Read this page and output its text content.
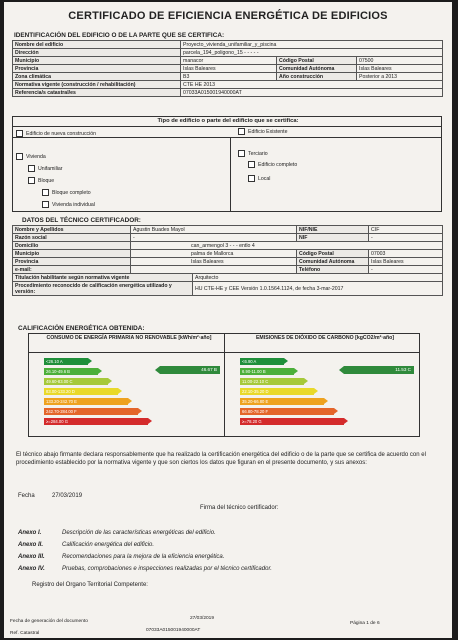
CERTIFICADO DE EFICIENCIA ENERGÉTICA DE EDIFICIOS
IDENTIFICACIÓN DEL EDIFICIO O DE LA PARTE QUE SE CERTIFICA:
Nombre del edificio	Proyecto_vivienda_unifamiliar_y_piscina		
Dirección	parcela_194_poligono_15 - - - - -		
Municipio	manacor	Código Postal	07500
Provincia	Islas Baleares	Comunidad Autónoma	Islas Baleares
Zona climática	B3	Año construcción	Posterior a 2013
Normativa vigente (construcción / rehabilitación)	CTE HE 2013		
Referencia/s catastral/es	07033A015001940000AT		
Tipo de edificio o parte del edificio que se certifica:
Edificio de nueva construcción	Edificio Existente
Vivienda
Unifamiliar
Bloque
Bloque completo
Vivienda individual
Terciario
Edificio completo
Local
DATOS DEL TÉCNICO CERTIFICADOR:
Nombre y Apellidos	Agustin Buades Mayol		NIF/NIE	CIF
Razón social	-		NIF	-
Domicilio	can_armengol 3 - - - entlo 4			
Municipio	palma de Mallorca		Código Postal	07003
Provincia	Islas Baleares		Comunidad Autónoma	Islas Baleares
e-mail:			Teléfono	-
Titulación habilitante según normativa vigente		Arquitecto		
Procedimiento reconocido de calificación energética utilizado y versión:		HU CTE-HE y CEE Versión 1.0.1564.1124, de fecha 3-mar-2017		
CALIFICACIÓN ENERGÉTICA OBTENIDA:
CONSUMO DE ENERGÍA PRIMARIA NO RENOVABLE [kWh/m²·año]	EMISIONES DE DIÓXIDO DE CARBONO [kgCO2/m²·año]
<26.10 A
26.10-49.6 B
49.60-83.00 C
83.00-133.20 D
133.20-242.70 E
242.70-284.00 F
≥=284.00 G
<6.90 A
6.90-11.00 B
11.00-22.10 C
22.10-35.20 D
35.20-66.80 E
66.80-78.20 F
≥=78.20 G
46.67 B	11.53 C
El técnico abajo firmante declara responsablemente que ha realizado la certificación energética del edificio o de la parte que se certifica de acuerdo con el procedimiento establecido por la normativa vigente y que son ciertos los datos que figuran en el presente documento, y sus anexos:
Fecha	27/03/2019
Firma del técnico certificador:
Anexo I.	Descripción de las características energéticas del edificio.
Anexo II.	Calificación energética del edificio.
Anexo III.	Recomendaciones para la mejora de la eficiencia energética.
Anexo IV.	Pruebas, comprobaciones e inspecciones realizadas por el técnico certificador.
Registro del Organo Territorial Competente:
Fecha de generación del documento
27/03/2019
Ref. Catastral
07033A015001940000AT
Página 1 de 6
